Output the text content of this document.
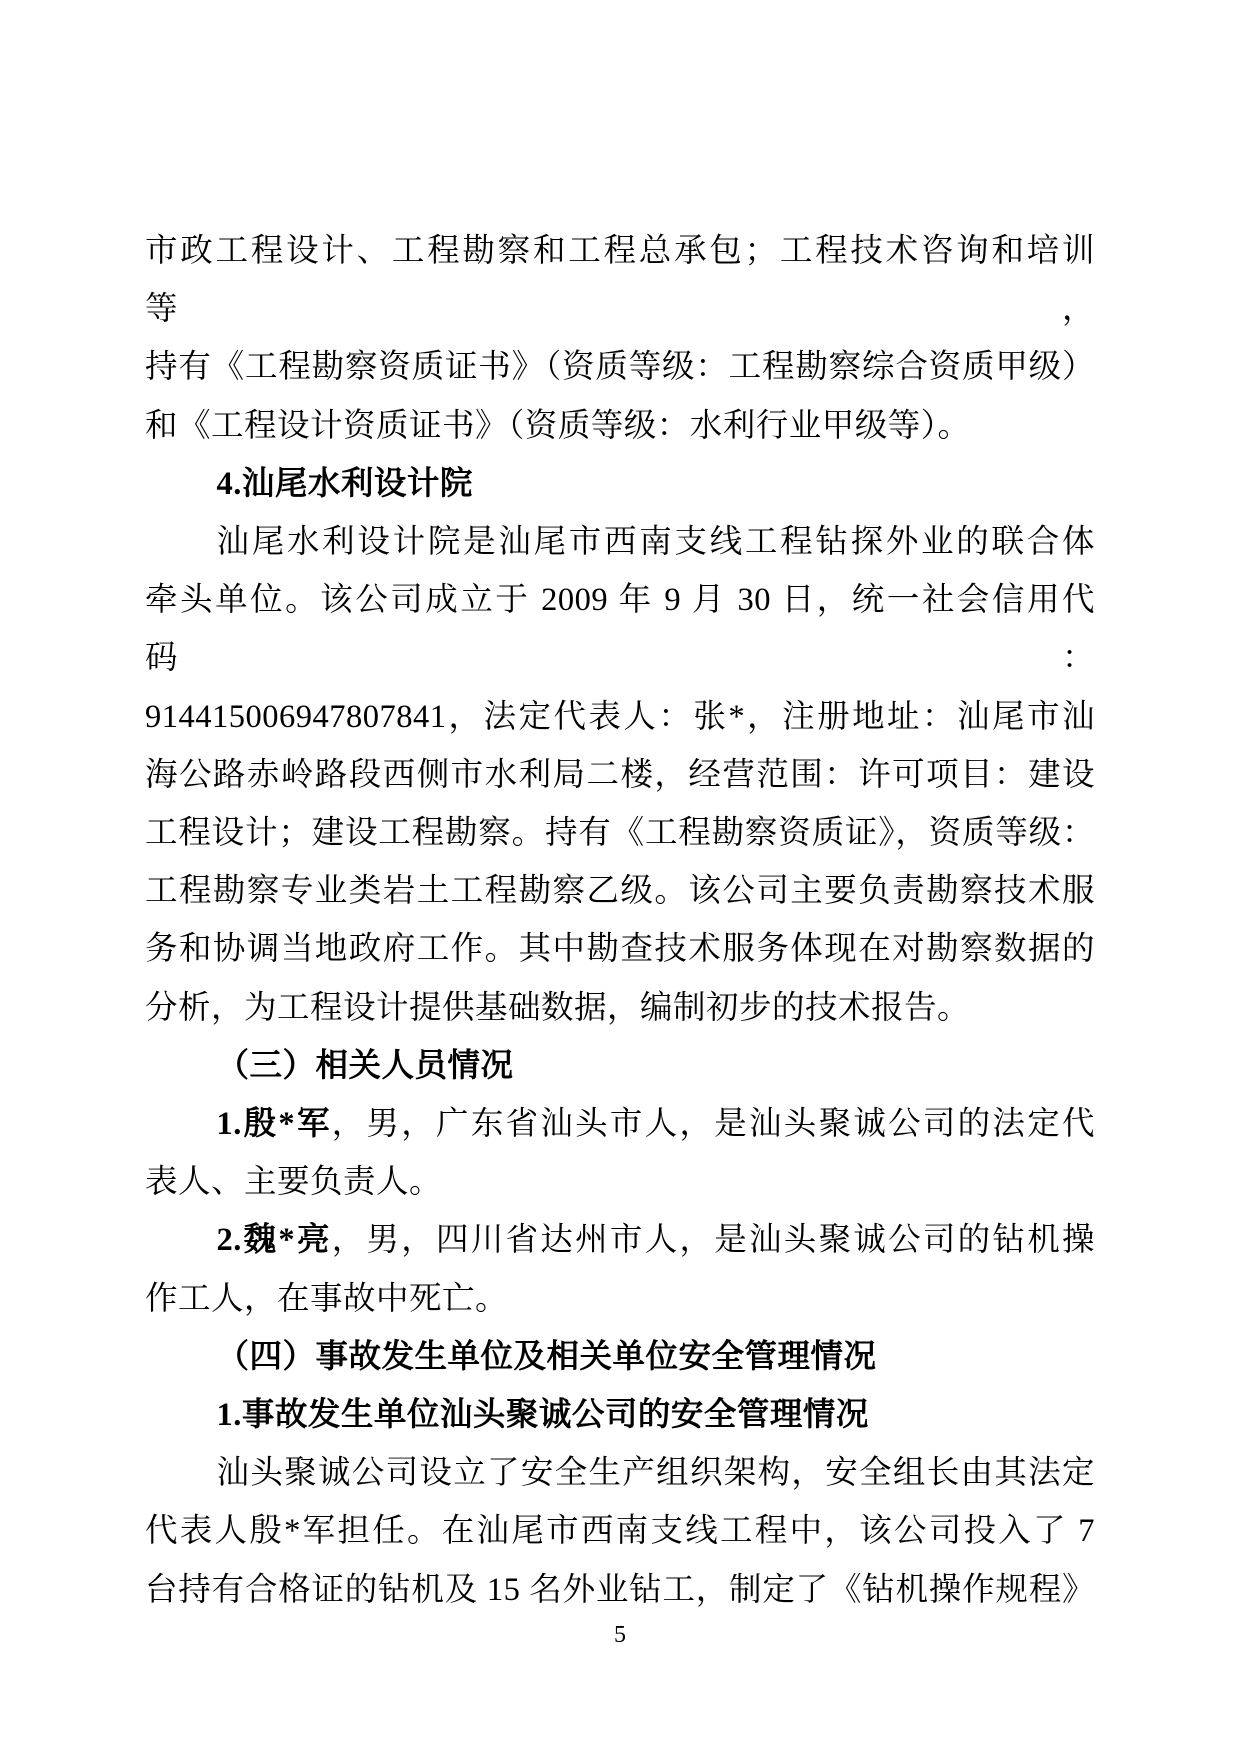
市政工程设计、工程勘察和工程总承包；工程技术咨询和培训等，
持有《工程勘察资质证书》（资质等级：工程勘察综合资质甲级）
和《工程设计资质证书》（资质等级：水利行业甲级等）。
4.汕尾水利设计院
汕尾水利设计院是汕尾市西南支线工程钻探外业的联合体
牵头单位。该公司成立于 2009 年 9 月 30 日，统一社会信用代码：
914415006947807841，法定代表人：张*，注册地址：汕尾市汕
海公路赤岭路段西侧市水利局二楼，经营范围：许可项目：建设
工程设计；建设工程勘察。持有《工程勘察资质证》，资质等级：
工程勘察专业类岩土工程勘察乙级。该公司主要负责勘察技术服
务和协调当地政府工作。其中勘查技术服务体现在对勘察数据的
分析，为工程设计提供基础数据，编制初步的技术报告。
（三）相关人员情况
1.殷*军，男，广东省汕头市人，是汕头聚诚公司的法定代
表人、主要负责人。
2.魏*亮，男，四川省达州市人，是汕头聚诚公司的钻机操
作工人，在事故中死亡。
（四）事故发生单位及相关单位安全管理情况
1.事故发生单位汕头聚诚公司的安全管理情况
汕头聚诚公司设立了安全生产组织架构，安全组长由其法定
代表人殷*军担任。在汕尾市西南支线工程中，该公司投入了 7
台持有合格证的钻机及 15 名外业钻工，制定了《钻机操作规程》
5
